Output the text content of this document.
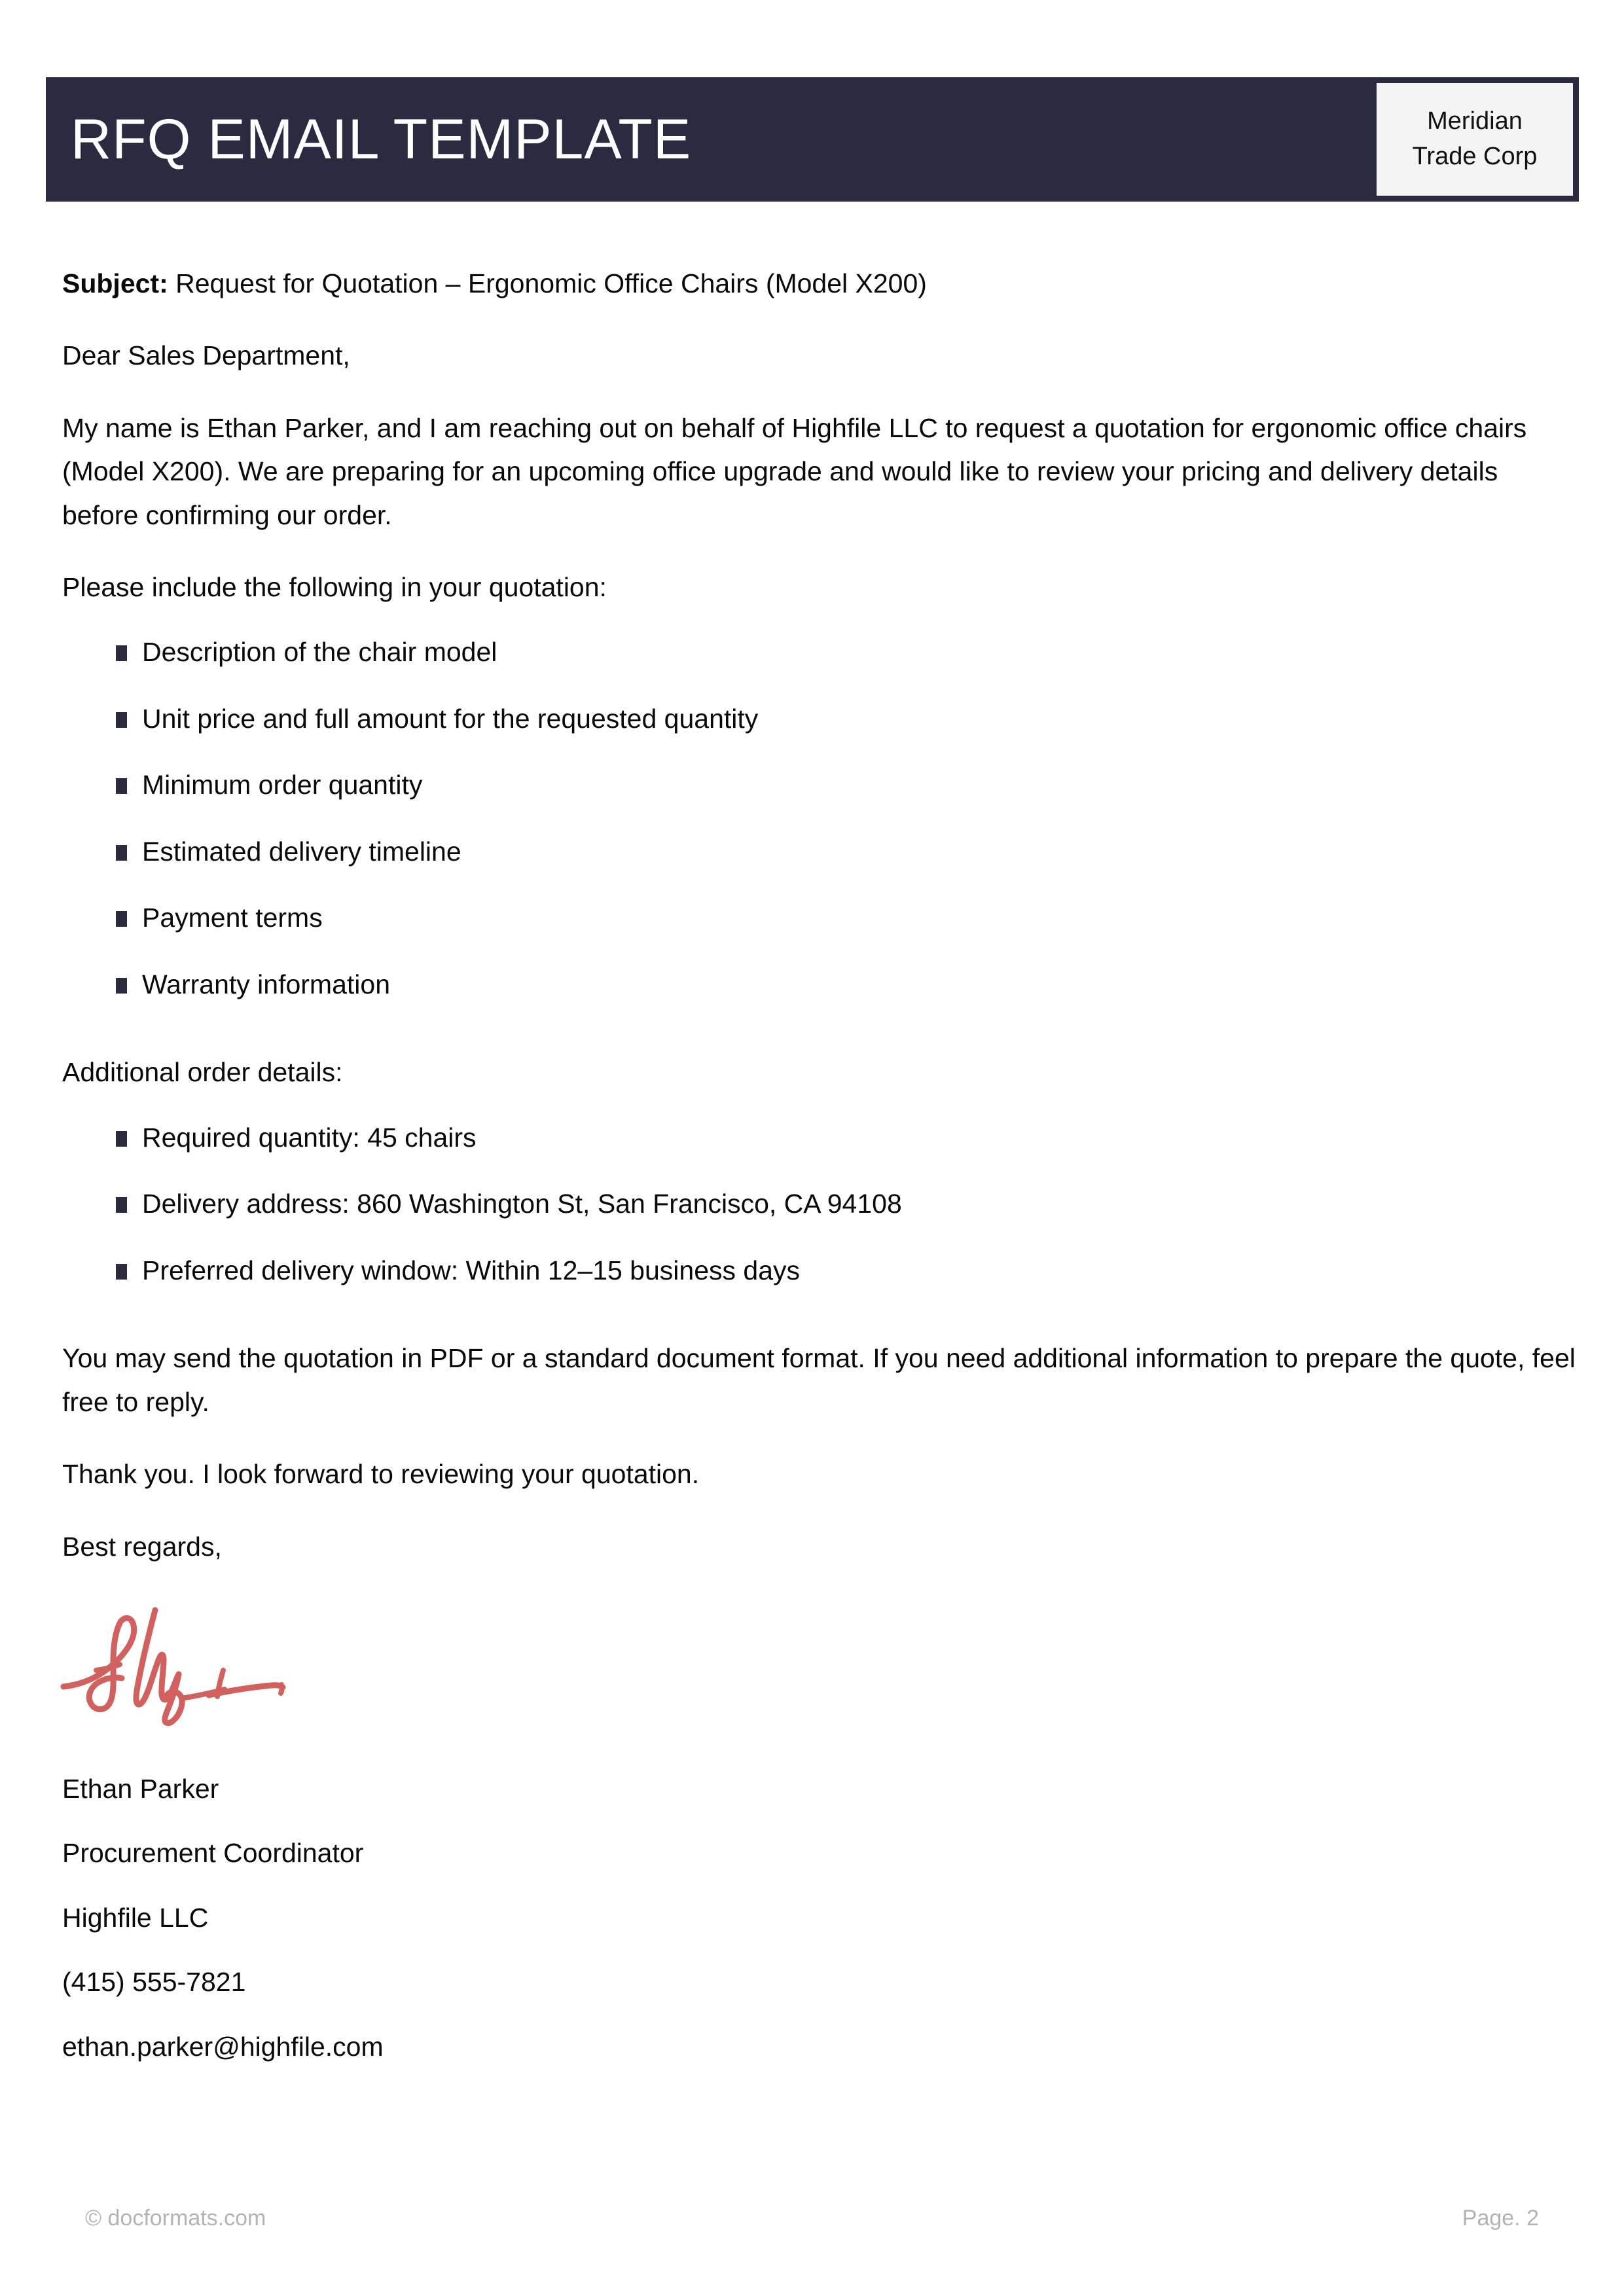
RFQ EMAIL TEMPLATE	Meridian
Trade Corp

Subject: Request for Quotation – Ergonomic Office Chairs (Model X200)

Dear Sales Department,

My name is Ethan Parker, and I am reaching out on behalf of Highfile LLC to request a quotation for ergonomic office chairs (Model X200). We are preparing for an upcoming office upgrade and would like to review your pricing and delivery details before confirming our order.

Please include the following in your quotation:

Description of the chair model
Unit price and full amount for the requested quantity
Minimum order quantity
Estimated delivery timeline
Payment terms
Warranty information

Additional order details:

Required quantity: 45 chairs
Delivery address: 860 Washington St, San Francisco, CA 94108
Preferred delivery window: Within 12–15 business days

You may send the quotation in PDF or a standard document format. If you need additional information to prepare the quote, feel free to reply.

Thank you. I look forward to reviewing your quotation.

Best regards,

Ethan Parker

Procurement Coordinator

Highfile LLC

(415) 555-7821

ethan.parker@highfile.com

© docformats.com	Page. 2
